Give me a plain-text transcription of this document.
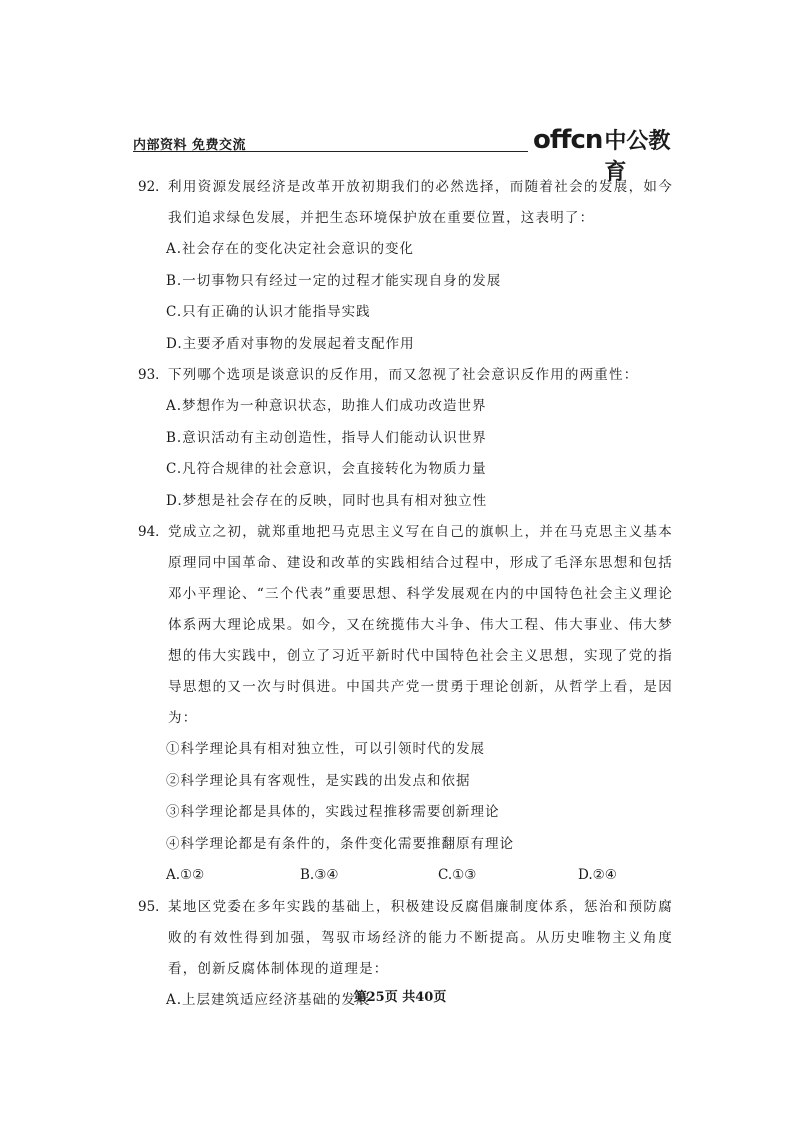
内部资料 免费交流	offcn 中公教育
92． 利用资源发展经济是改革开放初期我们的必然选择，而随着社会的发展，如今我们追求绿色发展，并把生态环境保护放在重要位置，这表明了：
A.社会存在的变化决定社会意识的变化
B.一切事物只有经过一定的过程才能实现自身的发展
C.只有正确的认识才能指导实践
D.主要矛盾对事物的发展起着支配作用
93． 下列哪个选项是谈意识的反作用，而又忽视了社会意识反作用的两重性：
A.梦想作为一种意识状态，助推人们成功改造世界
B.意识活动有主动创造性，指导人们能动认识世界
C.凡符合规律的社会意识，会直接转化为物质力量
D.梦想是社会存在的反映，同时也具有相对独立性
94． 党成立之初，就郑重地把马克思主义写在自己的旗帜上，并在马克思主义基本原理同中国革命、建设和改革的实践相结合过程中，形成了毛泽东思想和包括邓小平理论、“三个代表”重要思想、科学发展观在内的中国特色社会主义理论体系两大理论成果。如今，又在统揽伟大斗争、伟大工程、伟大事业、伟大梦想的伟大实践中，创立了习近平新时代中国特色社会主义思想，实现了党的指导思想的又一次与时俱进。中国共产党一贯勇于理论创新，从哲学上看，是因为：
①科学理论具有相对独立性，可以引领时代的发展
②科学理论具有客观性，是实践的出发点和依据
③科学理论都是具体的，实践过程推移需要创新理论
④科学理论都是有条件的，条件变化需要推翻原有理论
A.①②	B.③④	C.①③	D.②④
95． 某地区党委在多年实践的基础上，积极建设反腐倡廉制度体系，惩治和预防腐败的有效性得到加强，驾驭市场经济的能力不断提高。从历史唯物主义角度看，创新反腐体制体现的道理是：
A.上层建筑适应经济基础的发展
第25页 共40页
